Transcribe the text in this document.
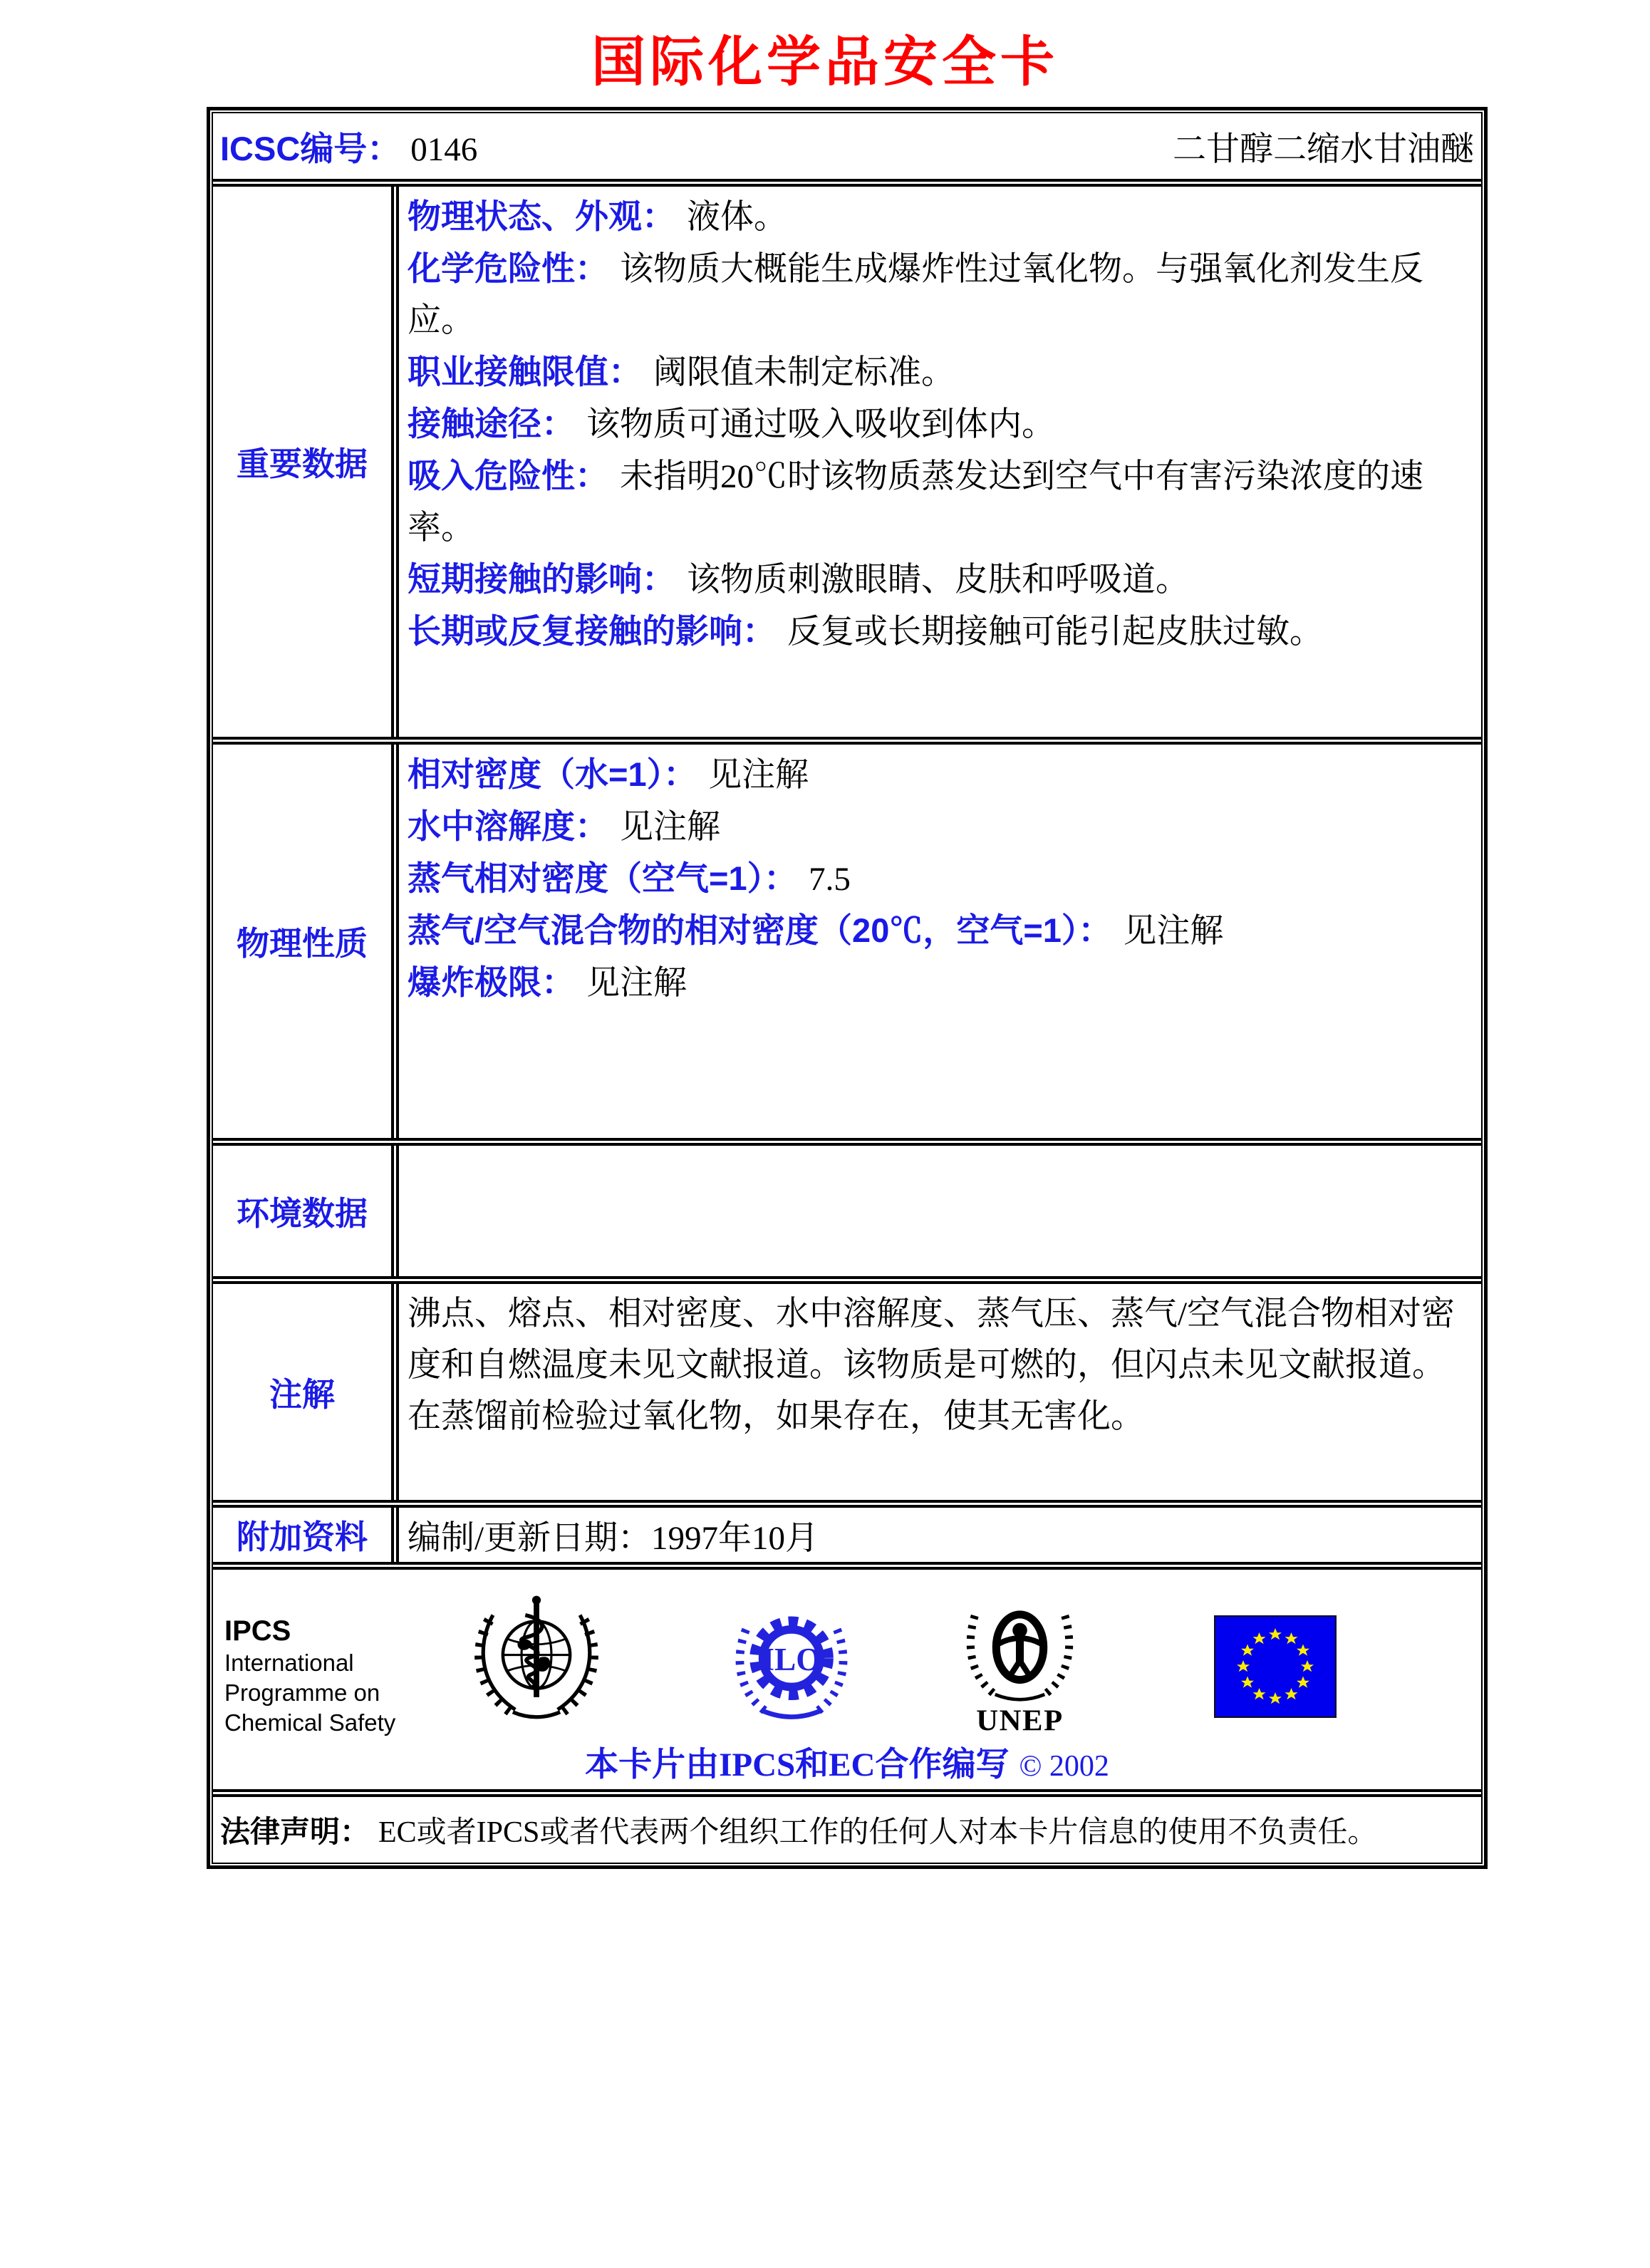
国际化学品安全卡
ICSC编号： 0146	二甘醇二缩水甘油醚
重要数据

物理状态、外观： 液体。

化学危险性： 该物质大概能生成爆炸性过氧化物。与强氧化剂发生反应。

职业接触限值： 阈限值未制定标准。

接触途径： 该物质可通过吸入吸收到体内。

吸入危险性： 未指明20℃时该物质蒸发达到空气中有害污染浓度的速率。

短期接触的影响： 该物质刺激眼睛、皮肤和呼吸道。

长期或反复接触的影响： 反复或长期接触可能引起皮肤过敏。

物理性质

相对密度（水=1）： 见注解

水中溶解度： 见注解

蒸气相对密度（空气=1）： 7.5

蒸气/空气混合物的相对密度（20℃，空气=1）： 见注解

爆炸极限： 见注解

环境数据
注解

沸点、熔点、相对密度、水中溶解度、蒸气压、蒸气/空气混合物相对密度和自燃温度未见文献报道。该物质是可燃的，但闪点未见文献报道。在蒸馏前检验过氧化物，如果存在，使其无害化。

附加资料	编制/更新日期：1997年10月
IPCS
International
Programme on
Chemical Safety
ILO
UNEP
本卡片由IPCS和EC合作编写 © 2002
法律声明： EC或者IPCS或者代表两个组织工作的任何人对本卡片信息的使用不负责任。
